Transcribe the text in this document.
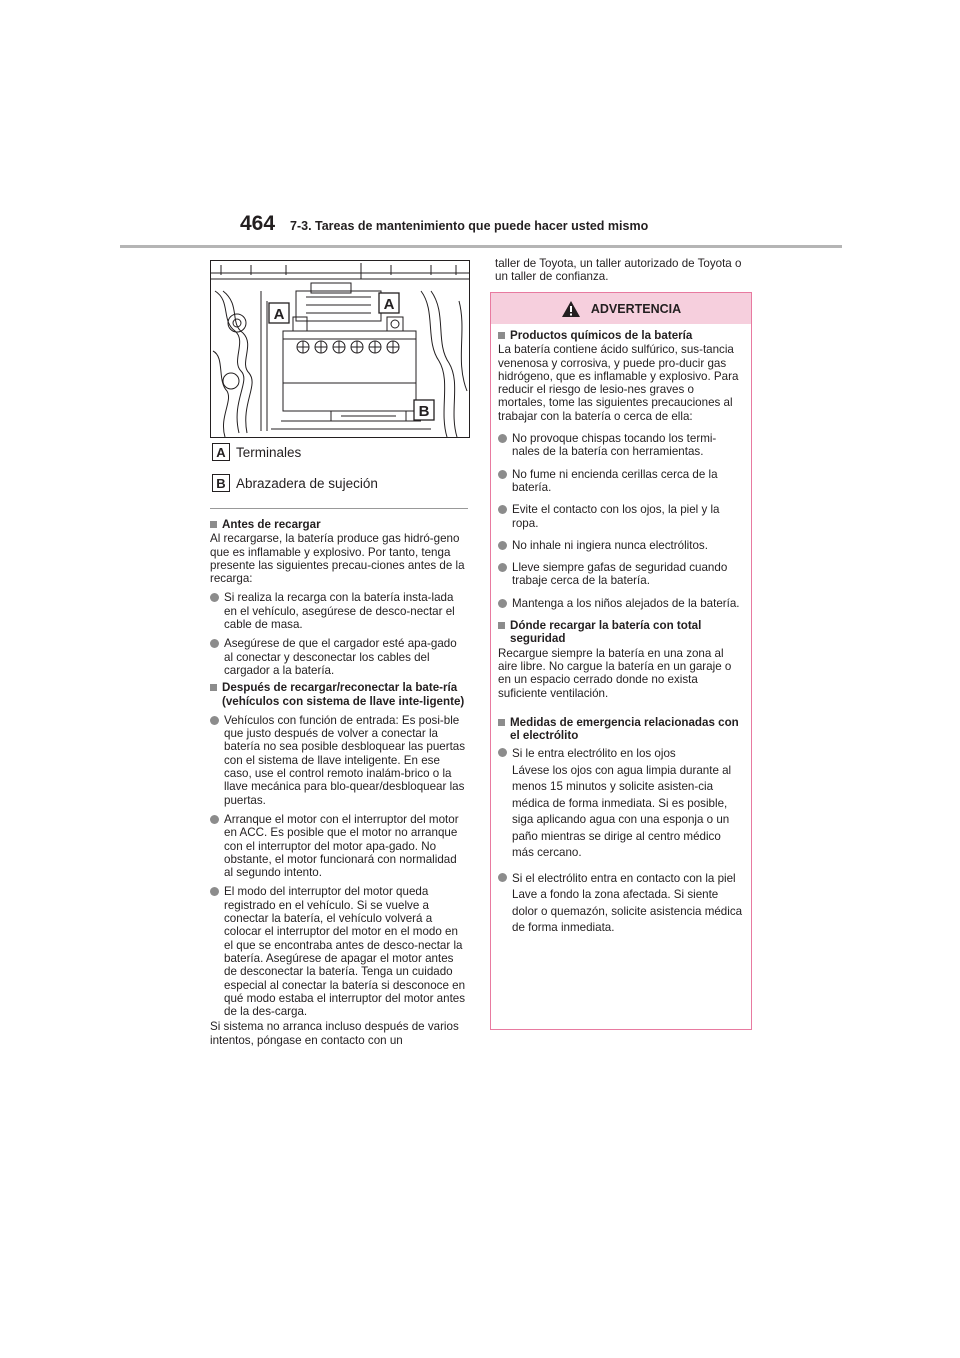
464 7-3. Tareas de mantenimiento que puede hacer usted mismo
A
A
B
A Terminales
B Abrazadera de sujeción
Antes de recargar
Al recargarse, la batería produce gas hidró-geno que es inflamable y explosivo. Por tanto, tenga presente las siguientes precau-ciones antes de la recarga:
Si realiza la recarga con la batería insta-lada en el vehículo, asegúrese de desco-nectar el cable de masa.
Asegúrese de que el cargador esté apa-gado al conectar y desconectar los cables del cargador a la batería.
Después de recargar/reconectar la bate-ría (vehículos con sistema de llave inte-ligente)
Vehículos con función de entrada: Es posi-ble que justo después de volver a conectar la batería no sea posible desbloquear las puertas con el sistema de llave inteligente. En ese caso, use el control remoto inalám-brico o la llave mecánica para blo-quear/desbloquear las puertas.
Arranque el motor con el interruptor del motor en ACC. Es posible que el motor no arranque con el interruptor del motor apa-gado. No obstante, el motor funcionará con normalidad al segundo intento.
El modo del interruptor del motor queda registrado en el vehículo. Si se vuelve a conectar la batería, el vehículo volverá a colocar el interruptor del motor en el modo en el que se encontraba antes de desco-nectar la batería. Asegúrese de apagar el motor antes de desconectar la batería. Tenga un cuidado especial al conectar la batería si desconoce en qué modo estaba el interruptor del motor antes de la des-carga.
Si sistema no arranca incluso después de varios intentos, póngase en contacto con un
taller de Toyota, un taller autorizado de Toyota o un taller de confianza.
ADVERTENCIA
Productos químicos de la batería
La batería contiene ácido sulfúrico, sus-tancia venenosa y corrosiva, y puede pro-ducir gas hidrógeno, que es inflamable y explosivo. Para reducir el riesgo de lesio-nes graves o mortales, tome las siguientes precauciones al trabajar con la batería o cerca de ella:
No provoque chispas tocando los termi-nales de la batería con herramientas.
No fume ni encienda cerillas cerca de la batería.
Evite el contacto con los ojos, la piel y la ropa.
No inhale ni ingiera nunca electrólitos.
Lleve siempre gafas de seguridad cuando trabaje cerca de la batería.
Mantenga a los niños alejados de la batería.
Dónde recargar la batería con total seguridad
Recargue siempre la batería en una zona al aire libre. No cargue la batería en un garaje o en un espacio cerrado donde no exista suficiente ventilación.
Medidas de emergencia relacionadas con el electrólito
Si le entra electrólito en los ojos
Lávese los ojos con agua limpia durante al menos 15 minutos y solicite asisten-cia médica de forma inmediata. Si es posible, siga aplicando agua con una esponja o un paño mientras se dirige al centro médico más cercano.
Si el electrólito entra en contacto con la piel
Lave a fondo la zona afectada. Si siente dolor o quemazón, solicite asistencia médica de forma inmediata.
